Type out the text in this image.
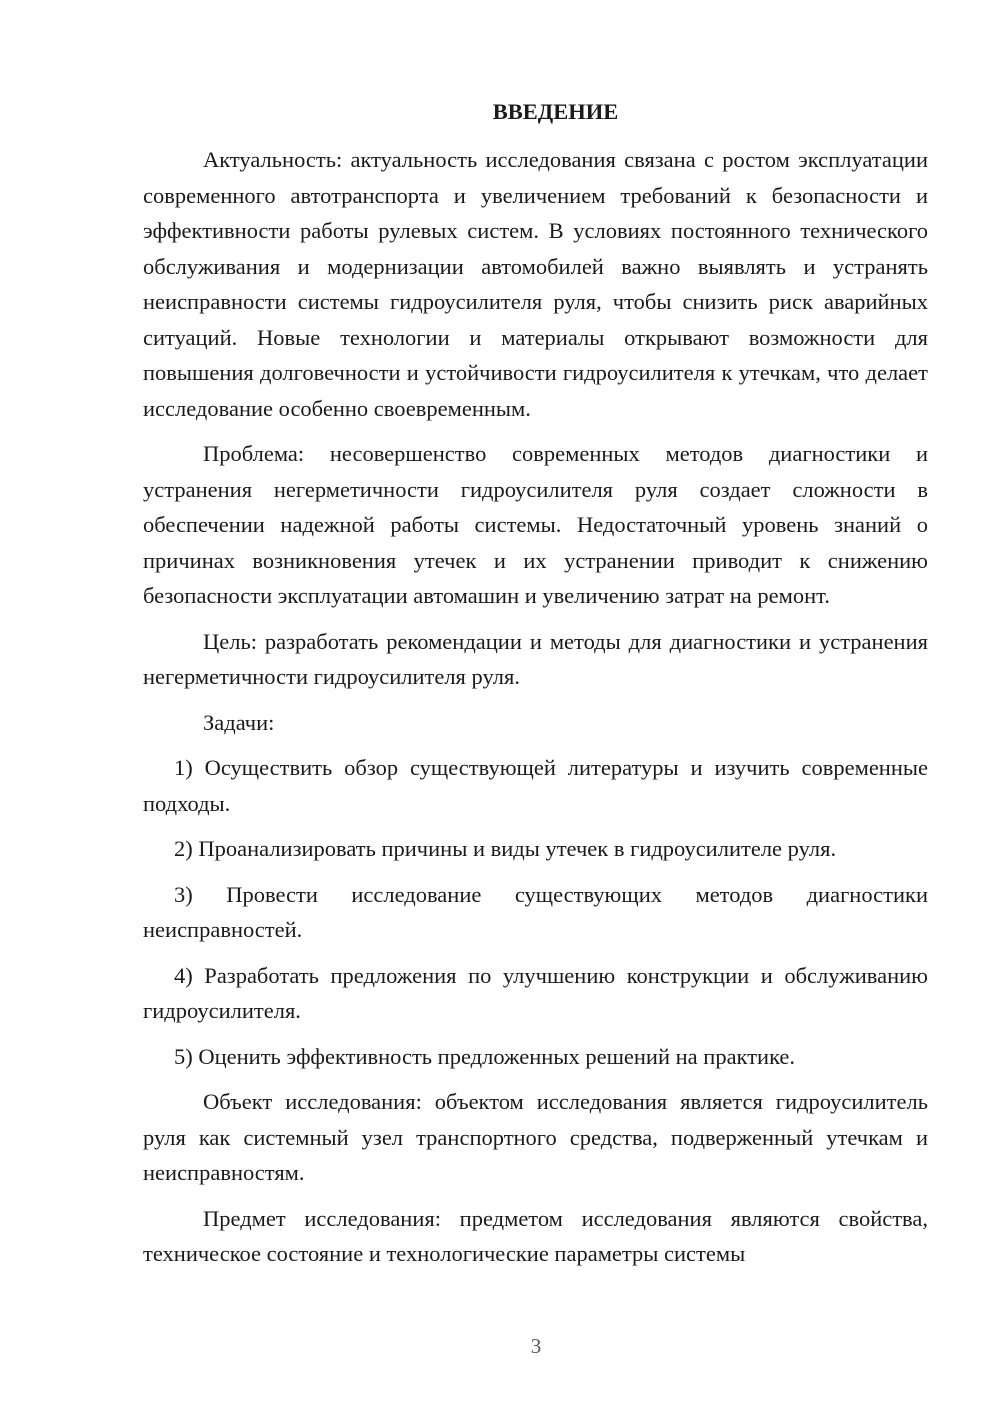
ВВЕДЕНИЕ

Актуальность: актуальность исследования связана с ростом эксплуатации современного автотранспорта и увеличением требований к безопасности и эффективности работы рулевых систем. В условиях постоянного технического обслуживания и модернизации автомобилей важно выявлять и устранять неисправности системы гидроусилителя руля, чтобы снизить риск аварийных ситуаций. Новые технологии и материалы открывают возможности для повышения долговечности и устойчивости гидроусилителя к утечкам, что делает исследование особенно своевременным.

Проблема: несовершенство современных методов диагностики и устранения негерметичности гидроусилителя руля создает сложности в обеспечении надежной работы системы. Недостаточный уровень знаний о причинах возникновения утечек и их устранении приводит к снижению безопасности эксплуатации автомашин и увеличению затрат на ремонт.

Цель: разработать рекомендации и методы для диагностики и устранения негерметичности гидроусилителя руля.

Задачи:

1) Осуществить обзор существующей литературы и изучить современные подходы.

2) Проанализировать причины и виды утечек в гидроусилителе руля.

3) Провести исследование существующих методов диагностики неисправностей.

4) Разработать предложения по улучшению конструкции и обслуживанию гидроусилителя.

5) Оценить эффективность предложенных решений на практике.

Объект исследования: объектом исследования является гидроусилитель руля как системный узел транспортного средства, подверженный утечкам и неисправностям.

Предмет исследования: предметом исследования являются свойства, техническое состояние и технологические параметры системы

3
